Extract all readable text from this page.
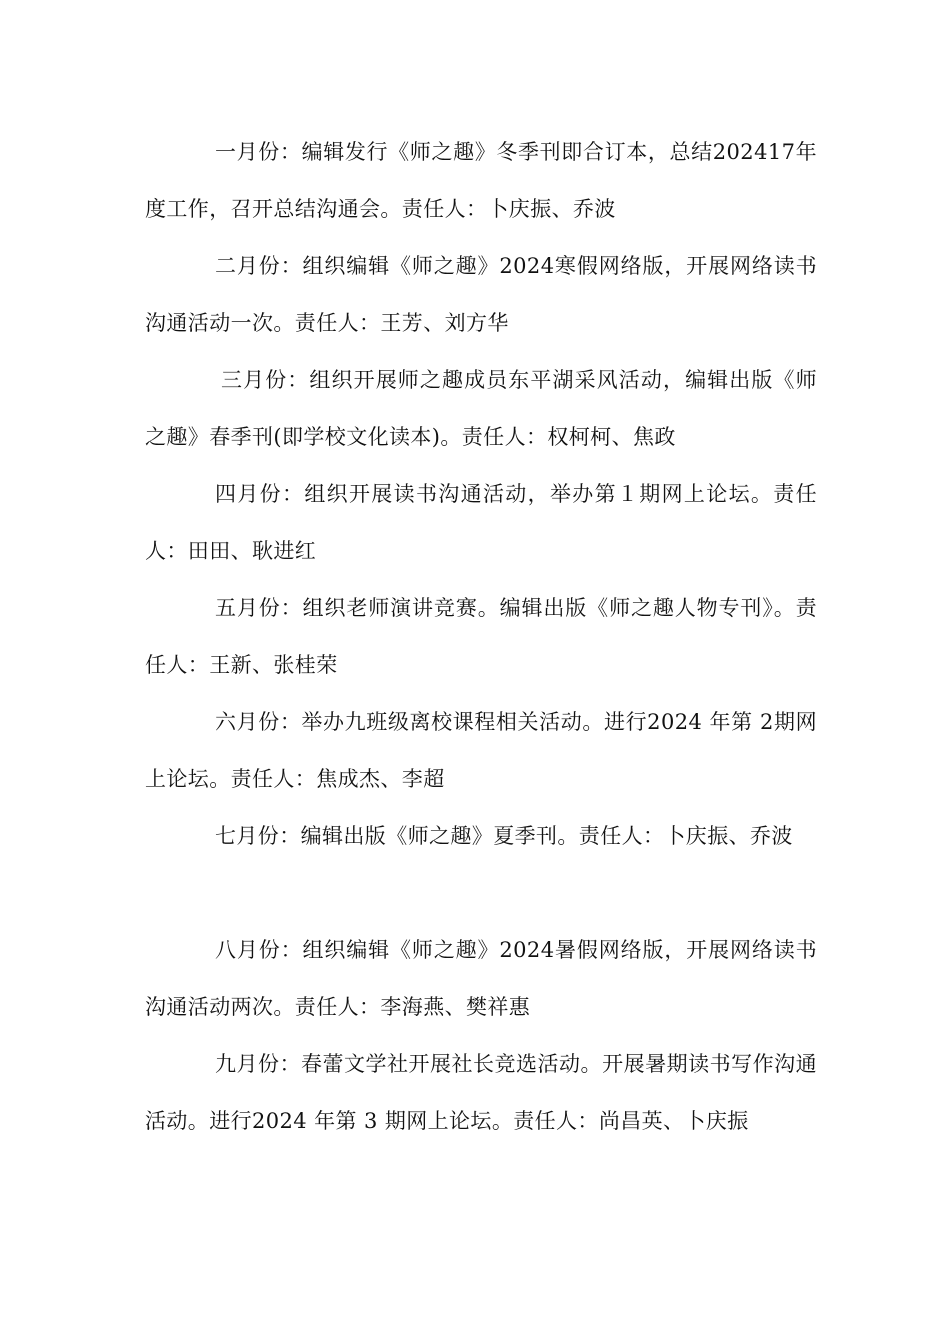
一月份：编辑发行《师之趣》冬季刊即合订本，总结202417年度工作，召开总结沟通会。责任人：卜庆振、乔波

二月份：组织编辑《师之趣》2024寒假网络版，开展网络读书沟通活动一次。责任人：王芳、刘方华

三月份：组织开展师之趣成员东平湖采风活动，编辑出版《师之趣》春季刊(即学校文化读本)。责任人：权柯柯、焦政

四月份：组织开展读书沟通活动，举办第１期网上论坛。责任人：田田、耿进红

五月份：组织老师演讲竞赛。编辑出版《师之趣人物专刊》。责任人：王新、张桂荣

六月份：举办九班级离校课程相关活动。进行2024 年第 2期网上论坛。责任人：焦成杰、李超

七月份：编辑出版《师之趣》夏季刊。责任人：卜庆振、乔波

八月份：组织编辑《师之趣》2024暑假网络版，开展网络读书沟通活动两次。责任人：李海燕、樊祥惠

九月份：春蕾文学社开展社长竞选活动。开展暑期读书写作沟通活动。进行2024 年第 3 期网上论坛。责任人：尚昌英、卜庆振
